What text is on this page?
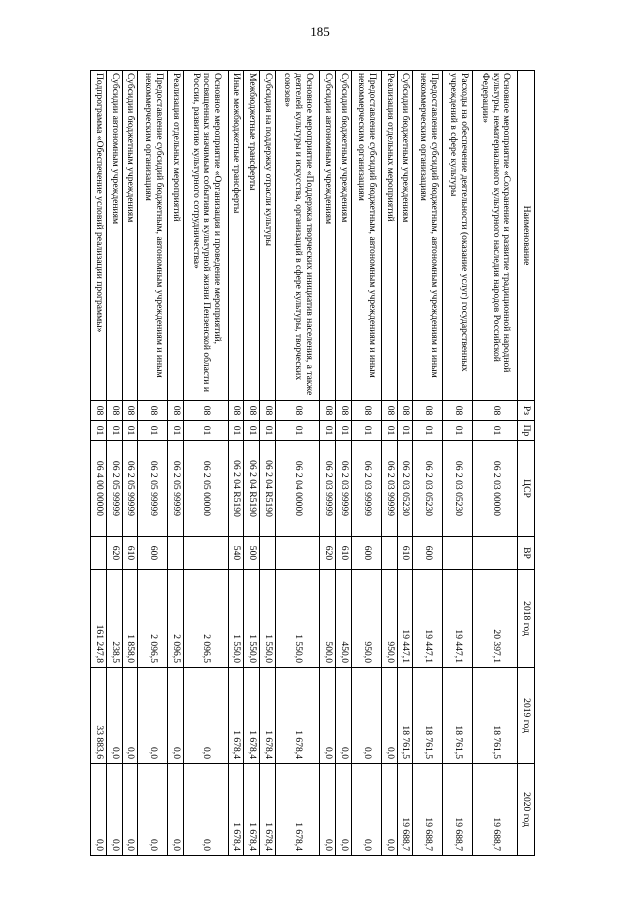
185
Наименование	Рз	Пр	ЦСР	ВР	2018 год	2019 год	2020 год
Основное мероприятие «Сохранение и развитие традиционной народной культуры, нематериального культурного наследия народов Российской Федерации»	08	01	06 2 03 00000		20 397,1	18 761,5	19 688,7
Расходы на обеспечение деятельности (оказание услуг) государственных учреждений в сфере культуры	08	01	06 2 03 05230		19 447,1	18 761,5	19 688,7
Предоставление субсидий бюджетным, автономным учреждениям и иным некоммерческим организациям	08	01	06 2 03 05230	600	19 447,1	18 761,5	19 688,7
Субсидии бюджетным учреждениям	08	01	06 2 03 05230	610	19 447,1	18 761,5	19 688,7
Реализация отдельных мероприятий	08	01	06 2 03 99999		950,0	0,0	0,0
Предоставление субсидий бюджетным, автономным учреждениям и иным некоммерческим организациям	08	01	06 2 03 99999	600	950,0	0,0	0,0
Субсидии бюджетным учреждениям	08	01	06 2 03 99999	610	450,0	0,0	0,0
Субсидии автономным учреждениям	08	01	06 2 03 99999	620	500,0	0,0	0,0
Основное мероприятие «Поддержка творческих инициатив населения, а также деятелей культуры и искусства, организаций в сфере культуры, творческих союзов»	08	01	06 2 04 00000		1 550,0	1 678,4	1 678,4
Субсидия на поддержку отрасли культуры	08	01	06 2 04 R5190		1 550,0	1 678,4	1 678,4
Межбюджетные трансферты	08	01	06 2 04 R5190	500	1 550,0	1 678,4	1 678,4
Иные межбюджетные трансферты	08	01	06 2 04 R5190	540	1 550,0	1 678,4	1 678,4
Основное мероприятие «Организация и проведение мероприятий, посвященных значимым событиям в культурной жизни Пензенской области и России, развитию культурного сотрудничества»	08	01	06 2 05 00000		2 096,5	0,0	0,0
Реализация отдельных мероприятий	08	01	06 2 05 99999		2 096,5	0,0	0,0
Предоставление субсидий бюджетным, автономным учреждениям и иным некоммерческим организациям	08	01	06 2 05 99999	600	2 096,5	0,0	0,0
Субсидии бюджетным учреждениям	08	01	06 2 05 99999	610	1 858,0	0,0	0,0
Субсидии автономным учреждениям	08	01	06 2 05 99999	620	238,5	0,0	0,0
Подпрограмма «Обеспечение условий реализации программы»	08	01	06 4 00 00000		161 247,8	33 883,6	0,0
